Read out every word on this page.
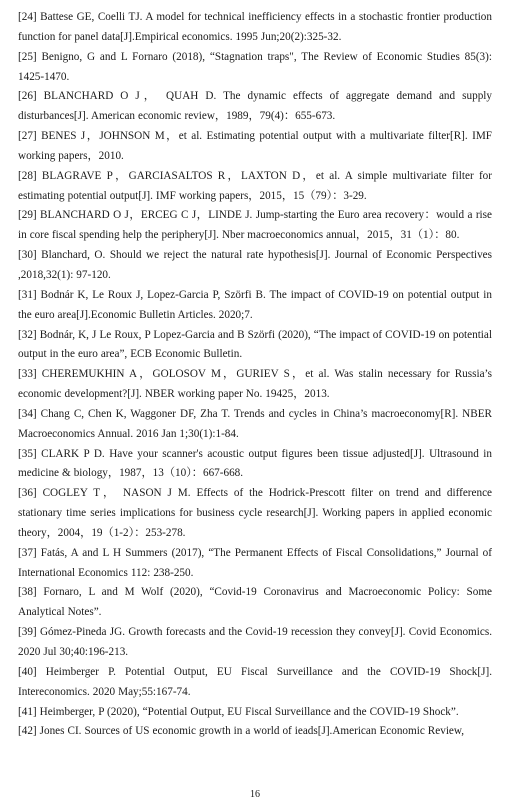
[24] Battese GE, Coelli TJ. A model for technical inefficiency effects in a stochastic frontier production function for panel data[J].Empirical economics. 1995 Jun;20(2):325-32.

[25] Benigno, G and L Fornaro (2018), “Stagnation traps", The Review of Economic Studies 85(3): 1425-1470.

[26] BLANCHARD O J， QUAH D. The dynamic effects of aggregate demand and supply disturbances[J]. American economic review，1989，79(4)：655-673.

[27] BENES J，JOHNSON M，et al. Estimating potential output with a multivariate filter[R]. IMF working papers，2010.

[28] BLAGRAVE P，GARCIASALTOS R，LAXTON D，et al. A simple multivariate filter for estimating potential output[J]. IMF working papers，2015，15（79）：3-29.

[29] BLANCHARD O J，ERCEG C J，LINDE J. Jump-starting the Euro area recovery：would a rise in core fiscal spending help the periphery[J]. Nber macroeconomics annual，2015，31（1）：80.

[30] Blanchard, O. Should we reject the natural rate hypothesis[J]. Journal of Economic Perspectives ,2018,32(1): 97-120.

[31] Bodnár K, Le Roux J, Lopez-Garcia P, Szörfi B. The impact of COVID-19 on potential output in the euro area[J].Economic Bulletin Articles. 2020;7.

[32] Bodnár, K, J Le Roux, P Lopez-Garcia and B Szörfi (2020), “The impact of COVID-19 on potential output in the euro area”, ECB Economic Bulletin.

[33] CHEREMUKHIN A，GOLOSOV M，GURIEV S，et al. Was stalin necessary for Russia’s economic development?[J]. NBER working paper No. 19425，2013.

[34] Chang C, Chen K, Waggoner DF, Zha T. Trends and cycles in China’s macroeconomy[R]. NBER Macroeconomics Annual. 2016 Jan 1;30(1):1-84.

[35] CLARK P D. Have your scanner's acoustic output figures been tissue adjusted[J]. Ultrasound in medicine & biology，1987，13（10）：667-668.

[36] COGLEY T， NASON J M. Effects of the Hodrick-Prescott filter on trend and difference stationary time series implications for business cycle research[J]. Working papers in applied economic theory，2004，19（1-2）：253-278.

[37] Fatás, A and L H Summers (2017), “The Permanent Effects of Fiscal Consolidations,” Journal of International Economics 112: 238-250.

[38] Fornaro, L and M Wolf (2020), “Covid-19 Coronavirus and Macroeconomic Policy: Some Analytical Notes”.

[39] Gómez-Pineda JG. Growth forecasts and the Covid-19 recession they convey[J]. Covid Economics. 2020 Jul 30;40:196-213.

[40] Heimberger P. Potential Output, EU Fiscal Surveillance and the COVID-19 Shock[J]. Intereconomics. 2020 May;55:167-74.

[41] Heimberger, P (2020), “Potential Output, EU Fiscal Surveillance and the COVID-19 Shock”.

[42] Jones CI. Sources of US economic growth in a world of ieads[J].American Economic Review,

16
